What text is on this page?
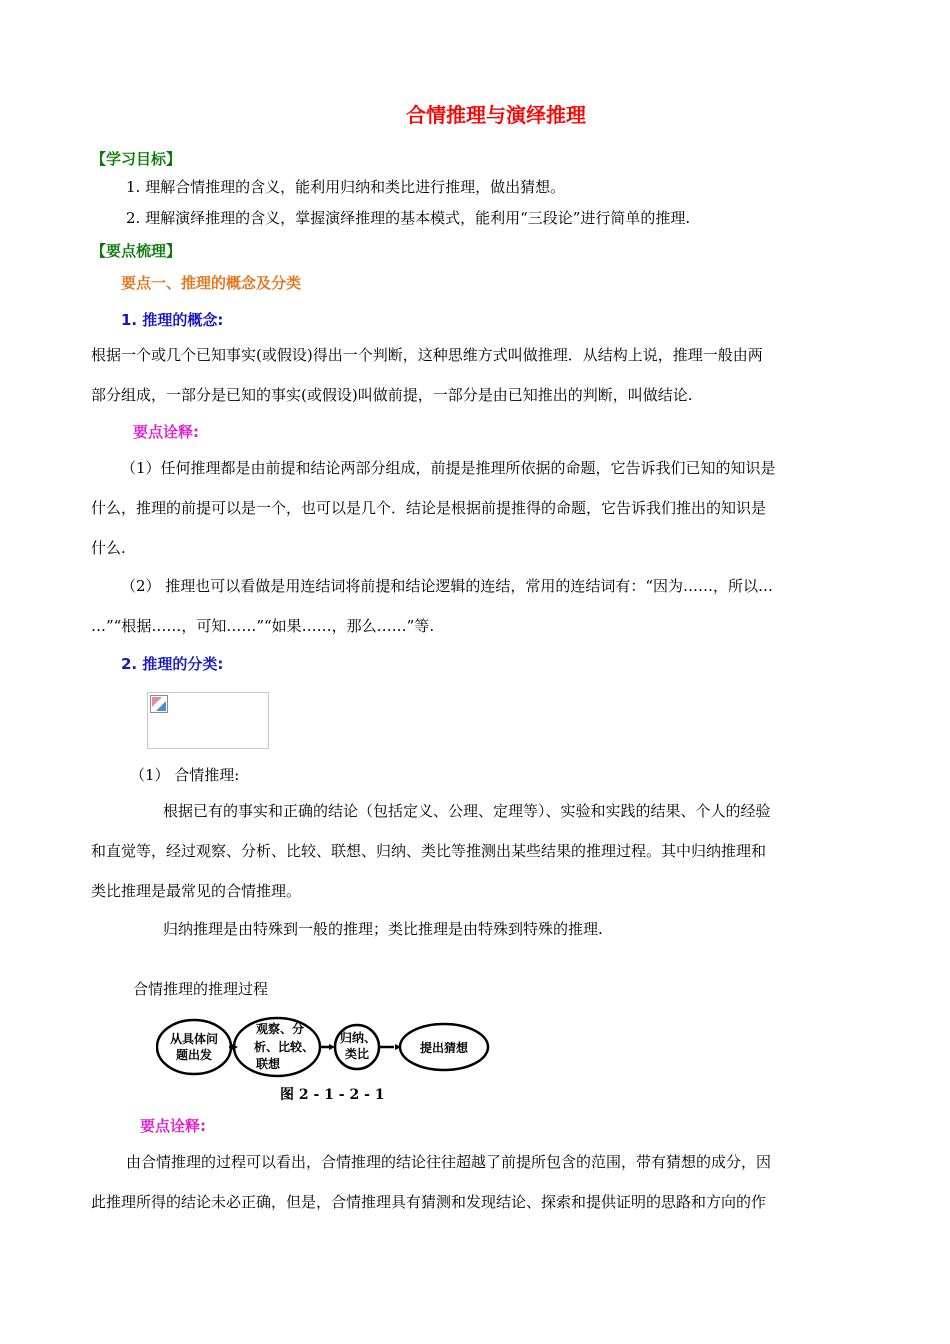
合情推理与演绎推理
【学习目标】
1. 理解合情推理的含义，能利用归纳和类比进行推理，做出猜想。
2. 理解演绎推理的含义，掌握演绎推理的基本模式，能利用“三段论”进行简单的推理.
【要点梳理】
要点一、推理的概念及分类
1. 推理的概念:
根据一个或几个已知事实(或假设)得出一个判断，这种思维方式叫做推理．从结构上说，推理一般由两
部分组成，一部分是已知的事实(或假设)叫做前提，一部分是由已知推出的判断，叫做结论.
要点诠释:
（1）任何推理都是由前提和结论两部分组成，前提是推理所依据的命题，它告诉我们已知的知识是
什么，推理的前提可以是一个，也可以是几个．结论是根据前提推得的命题，它告诉我们推出的知识是
什么.
（2） 推理也可以看做是用连结词将前提和结论逻辑的连结，常用的连结词有：“因为……，所以…
…”“根据……，可知……”“如果……，那么……”等.
2. 推理的分类:
（1） 合情推理:
根据已有的事实和正确的结论（包括定义、公理、定理等）、实验和实践的结果、个人的经验
和直觉等，经过观察、分析、比较、联想、归纳、类比等推测出某些结果的推理过程。其中归纳推理和
类比推理是最常见的合情推理。
归纳推理是由特殊到一般的推理；类比推理是由特殊到特殊的推理.
合情推理的推理过程
从具体问
题出发
观察、分
析、比较、
联想
归纳、
类比	提出猜想
图 2 - 1 - 2 - 1
要点诠释:
由合情推理的过程可以看出，合情推理的结论往往超越了前提所包含的范围，带有猜想的成分，因
此推理所得的结论未必正确，但是，合情推理具有猜测和发现结论、探索和提供证明的思路和方向的作
